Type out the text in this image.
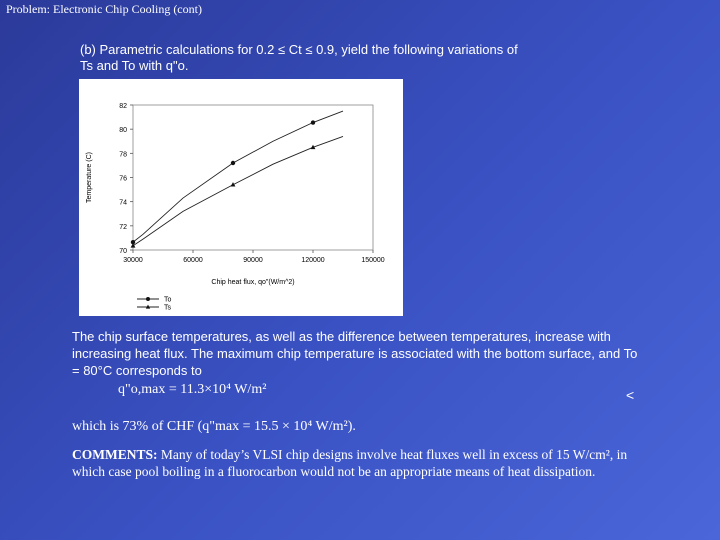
Problem: Electronic Chip Cooling (cont)
(b) Parametric calculations for 0.2 ≤ Ct ≤ 0.9, yield the following variations of
Ts and To with q"o.
70
72
74
76
78
80
82
30000	60000	90000	120000	150000
Chip heat flux, qo"(W/m^2)
Temperature (C)
To
Ts
The chip surface temperatures, as well as the difference between temperatures, increase with increasing heat flux. The maximum chip temperature is associated with the bottom surface, and To = 80°C corresponds to
q"o,max = 11.3×10⁴ W/m²	<
which is 73% of CHF (q"max = 15.5 × 10⁴ W/m²).
COMMENTS: Many of today’s VLSI chip designs involve heat fluxes well in excess of 15 W/cm², in which case pool boiling in a fluorocarbon would not be an appropriate means of heat dissipation.
